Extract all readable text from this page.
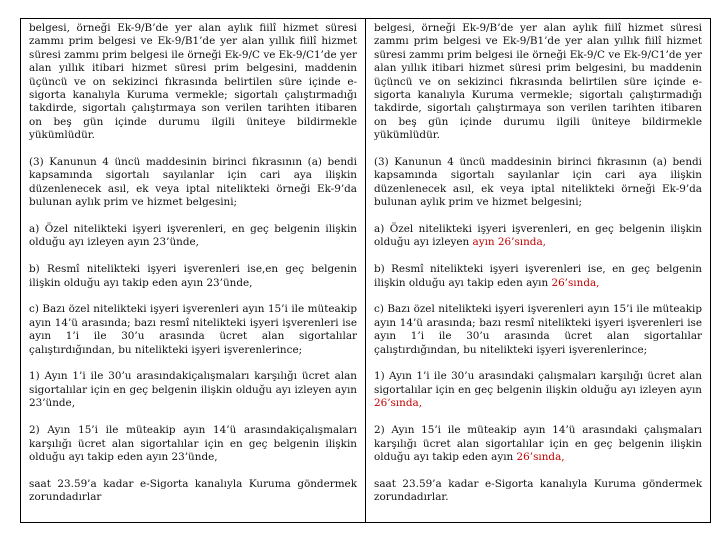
belgesi, örneği Ek-9/B’de yer alan aylık fiilî hizmet süresi zammı prim belgesi ve Ek-9/B1’de yer alan yıllık fiilî hizmet süresi zammı prim belgesi ile örneği Ek-9/C ve Ek-9/C1’de yer alan yıllık itibari hizmet süresi prim belgesini, maddenin üçüncü ve on sekizinci fıkrasında belirtilen süre içinde e-sigorta kanalıyla Kuruma vermekle; sigortalı çalıştırmadığı takdirde, sigortalı çalıştırmaya son verilen tarihten itibaren on beş gün içinde durumu ilgili üniteye bildirmekle yükümlüdür.

(3) Kanunun 4 üncü maddesinin birinci fıkrasının (a) bendi kapsamında sigortalı sayılanlar için cari aya ilişkin düzenlenecek asıl, ek veya iptal nitelikteki örneği Ek-9’da bulunan aylık prim ve hizmet belgesini;

a) Özel nitelikteki işyeri işverenleri, en geç belgenin ilişkin olduğu ayı izleyen ayın 23’ünde,

b) Resmî nitelikteki işyeri işverenleri ise,en geç belgenin ilişkin olduğu ayı takip eden ayın 23’ünde,

c) Bazı özel nitelikteki işyeri işverenleri ayın 15’i ile müteakip ayın 14’ü arasında; bazı resmî nitelikteki işyeri işverenleri ise ayın 1’i ile 30’u arasında ücret alan sigortalılar çalıştırdığından, bu nitelikteki işyeri işverenlerince;

1) Ayın 1’i ile 30’u arasındakiçalışmaları karşılığı ücret alan sigortalılar için en geç belgenin ilişkin olduğu ayı izleyen ayın 23’ünde,

2) Ayın 15’i ile müteakip ayın 14’ü arasındakiçalışmaları karşılığı ücret alan sigortalılar için en geç belgenin ilişkin olduğu ayı takip eden ayın 23’ünde,

saat 23.59’a kadar e-Sigorta kanalıyla Kuruma göndermek zorundadırlar

belgesi, örneği Ek-9/B’de yer alan aylık fiilî hizmet süresi zammı prim belgesi ve Ek-9/B1’de yer alan yıllık fiilî hizmet süresi zammı prim belgesi ile örneği Ek-9/C ve Ek-9/C1’de yer alan yıllık itibari hizmet süresi prim belgesini, bu maddenin üçüncü ve on sekizinci fıkrasında belirtilen süre içinde e-sigorta kanalıyla Kuruma vermekle; sigortalı çalıştırmadığı takdirde, sigortalı çalıştırmaya son verilen tarihten itibaren on beş gün içinde durumu ilgili üniteye bildirmekle yükümlüdür.

(3) Kanunun 4 üncü maddesinin birinci fıkrasının (a) bendi kapsamında sigortalı sayılanlar için cari aya ilişkin düzenlenecek asıl, ek veya iptal nitelikteki örneği Ek-9’da bulunan aylık prim ve hizmet belgesini;

a) Özel nitelikteki işyeri işverenleri, en geç belgenin ilişkin olduğu ayı izleyen ayın 26’sında,

b) Resmî nitelikteki işyeri işverenleri ise, en geç belgenin ilişkin olduğu ayı takip eden ayın 26’sında,

c) Bazı özel nitelikteki işyeri işverenleri ayın 15’i ile müteakip ayın 14’ü arasında; bazı resmî nitelikteki işyeri işverenleri ise ayın 1’i ile 30’u arasında ücret alan sigortalılar çalıştırdığından, bu nitelikteki işyeri işverenlerince;

1) Ayın 1’i ile 30’u arasındaki çalışmaları karşılığı ücret alan sigortalılar için en geç belgenin ilişkin olduğu ayı izleyen ayın 26’sında,

2) Ayın 15’i ile müteakip ayın 14’ü arasındaki çalışmaları karşılığı ücret alan sigortalılar için en geç belgenin ilişkin olduğu ayı takip eden ayın 26’sında,

saat 23.59’a kadar e-Sigorta kanalıyla Kuruma göndermek zorundadırlar.
